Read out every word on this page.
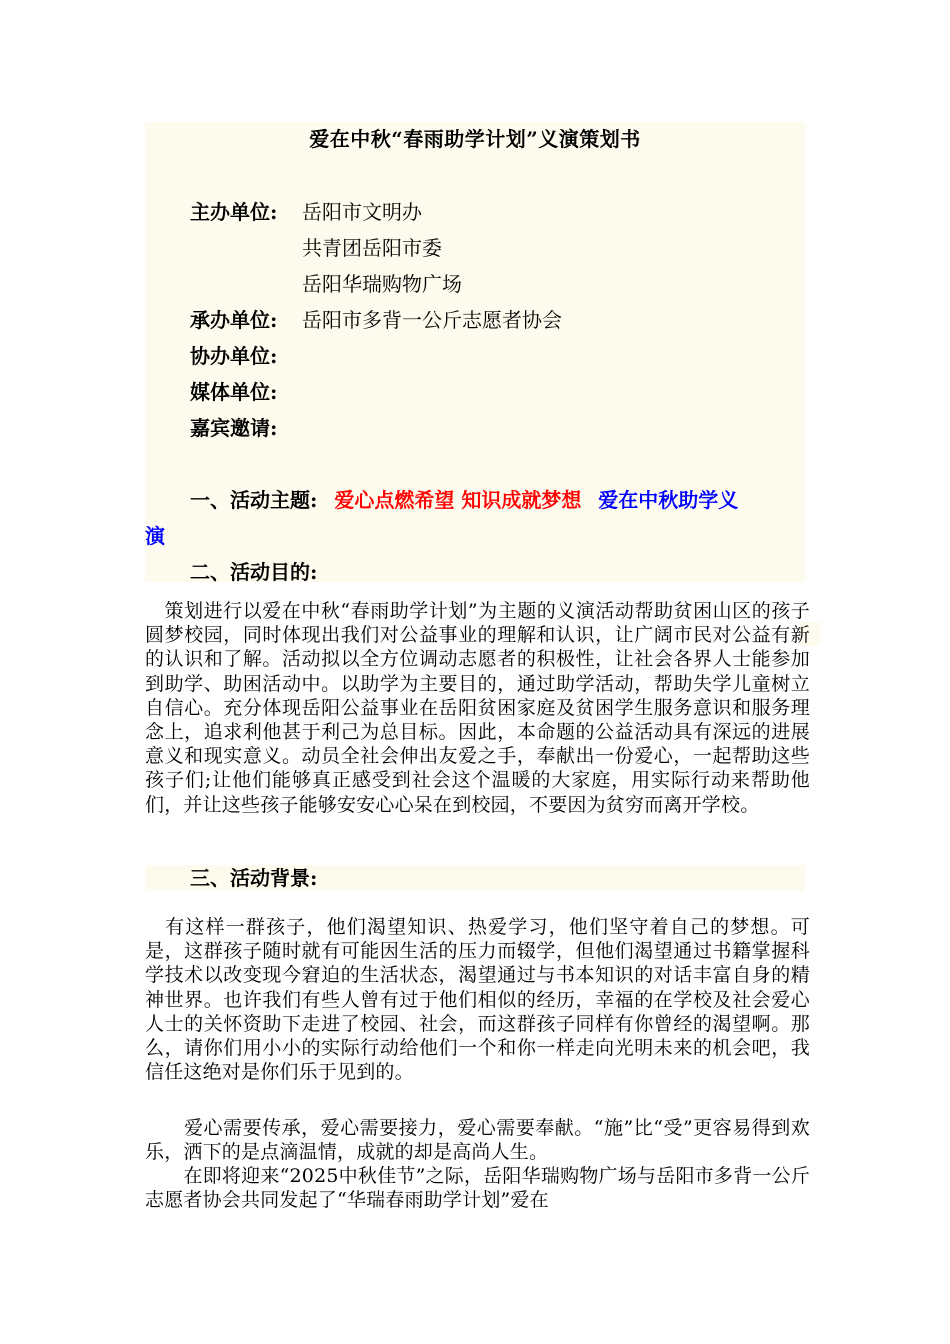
爱在中秋“春雨助学计划”义演策划书
主办单位: 岳阳市文明办
共青团岳阳市委
岳阳华瑞购物广场
承办单位: 岳阳市多背一公斤志愿者协会
协办单位:
媒体单位:
嘉宾邀请:
一、活动主题: 爱心点燃希望 知识成就梦想 爱在中秋助学义
演
二、活动目的:

　策划进行以爱在中秋“春雨助学计划”为主题的义演活动帮助贫困山区的孩子圆梦校园，同时体现出我们对公益事业的理解和认识，让广阔市民对公益有新的认识和了解。活动拟以全方位调动志愿者的积极性，让社会各界人士能参加到助学、助困活动中。以助学为主要目的，通过助学活动，帮助失学儿童树立自信心。充分体现岳阳公益事业在岳阳贫困家庭及贫困学生服务意识和服务理念上，追求利他甚于利己为总目标。因此，本命题的公益活动具有深远的进展意义和现实意义。动员全社会伸出友爱之手，奉献出一份爱心，一起帮助这些孩子们;让他们能够真正感受到社会这个温暖的大家庭，用实际行动来帮助他们，并让这些孩子能够安安心心呆在到校园，不要因为贫穷而离开学校。

三、活动背景:

　有这样一群孩子，他们渴望知识、热爱学习，他们坚守着自己的梦想。可是，这群孩子随时就有可能因生活的压力而辍学，但他们渴望通过书籍掌握科学技术以改变现今窘迫的生活状态，渴望通过与书本知识的对话丰富自身的精神世界。也许我们有些人曾有过于他们相似的经历，幸福的在学校及社会爱心人士的关怀资助下走进了校园、社会，而这群孩子同样有你曾经的渴望啊。那么，请你们用小小的实际行动给他们一个和你一样走向光明未来的机会吧，我信任这绝对是你们乐于见到的。

　　爱心需要传承，爱心需要接力，爱心需要奉献。“施”比“受”更容易得到欢乐，洒下的是点滴温情，成就的却是高尚人生。

　　在即将迎来“2025中秋佳节”之际，岳阳华瑞购物广场与岳阳市多背一公斤志愿者协会共同发起了“华瑞春雨助学计划”爱在
